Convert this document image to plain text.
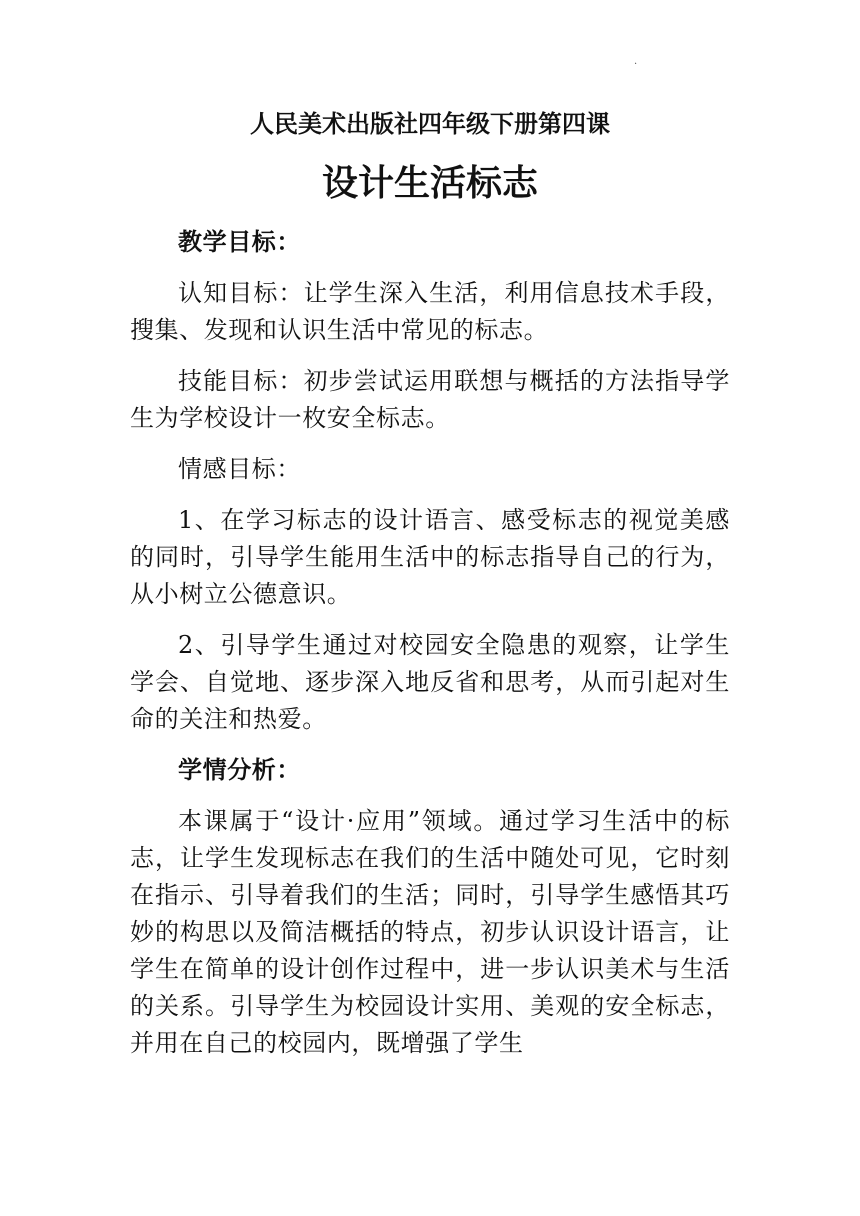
.
人民美术出版社四年级下册第四课
设计生活标志

教学目标：

认知目标：让学生深入生活，利用信息技术手段，搜集、发现和认识生活中常见的标志。

技能目标：初步尝试运用联想与概括的方法指导学生为学校设计一枚安全标志。

情感目标：

1、在学习标志的设计语言、感受标志的视觉美感的同时，引导学生能用生活中的标志指导自己的行为，从小树立公德意识。

2、引导学生通过对校园安全隐患的观察，让学生学会、自觉地、逐步深入地反省和思考，从而引起对生命的关注和热爱。

学情分析：

本课属于“设计·应用”领域。通过学习生活中的标志，让学生发现标志在我们的生活中随处可见，它时刻在指示、引导着我们的生活；同时，引导学生感悟其巧妙的构思以及简洁概括的特点，初步认识设计语言，让学生在简单的设计创作过程中，进一步认识美术与生活的关系。引导学生为校园设计实用、美观的安全标志，并用在自己的校园内，既增强了学生
